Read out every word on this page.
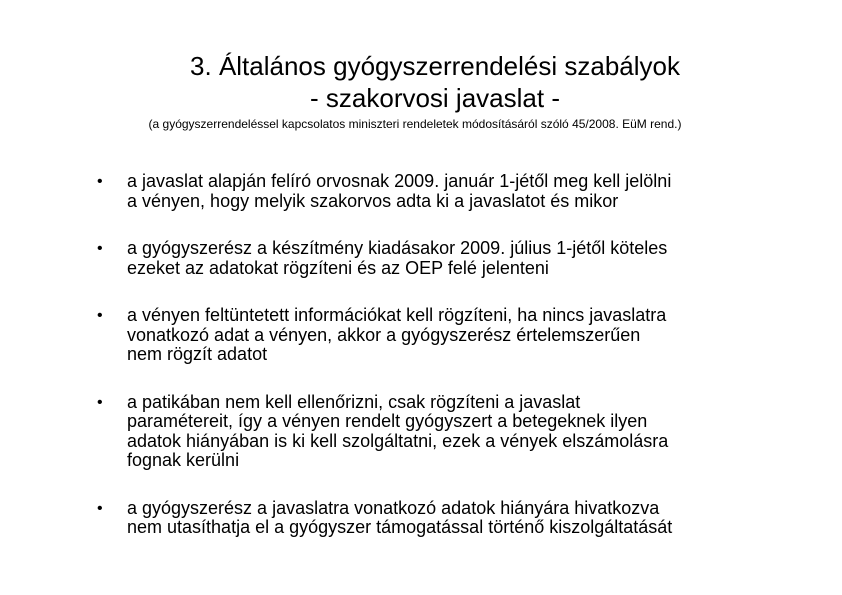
3. Általános gyógyszerrendelési szabályok
- szakorvosi javaslat -

(a gyógyszerrendeléssel kapcsolatos miniszteri rendeletek módosításáról szóló 45/2008. EüM rend.)

• a javaslat alapján felíró orvosnak 2009. január 1-jétől meg kell jelölni
a vényen, hogy melyik szakorvos adta ki a javaslatot és mikor
• a gyógyszerész a készítmény kiadásakor 2009. július 1-jétől köteles
ezeket az adatokat rögzíteni és az OEP felé jelenteni
• a vényen feltüntetett információkat kell rögzíteni, ha nincs javaslatra
vonatkozó adat a vényen, akkor a gyógyszerész értelemszerűen
nem rögzít adatot
• a patikában nem kell ellenőrizni, csak rögzíteni a javaslat
paramétereit, így a vényen rendelt gyógyszert a betegeknek ilyen
adatok hiányában is ki kell szolgáltatni, ezek a vények elszámolásra
fognak kerülni
• a gyógyszerész a javaslatra vonatkozó adatok hiányára hivatkozva
nem utasíthatja el a gyógyszer támogatással történő kiszolgáltatását
